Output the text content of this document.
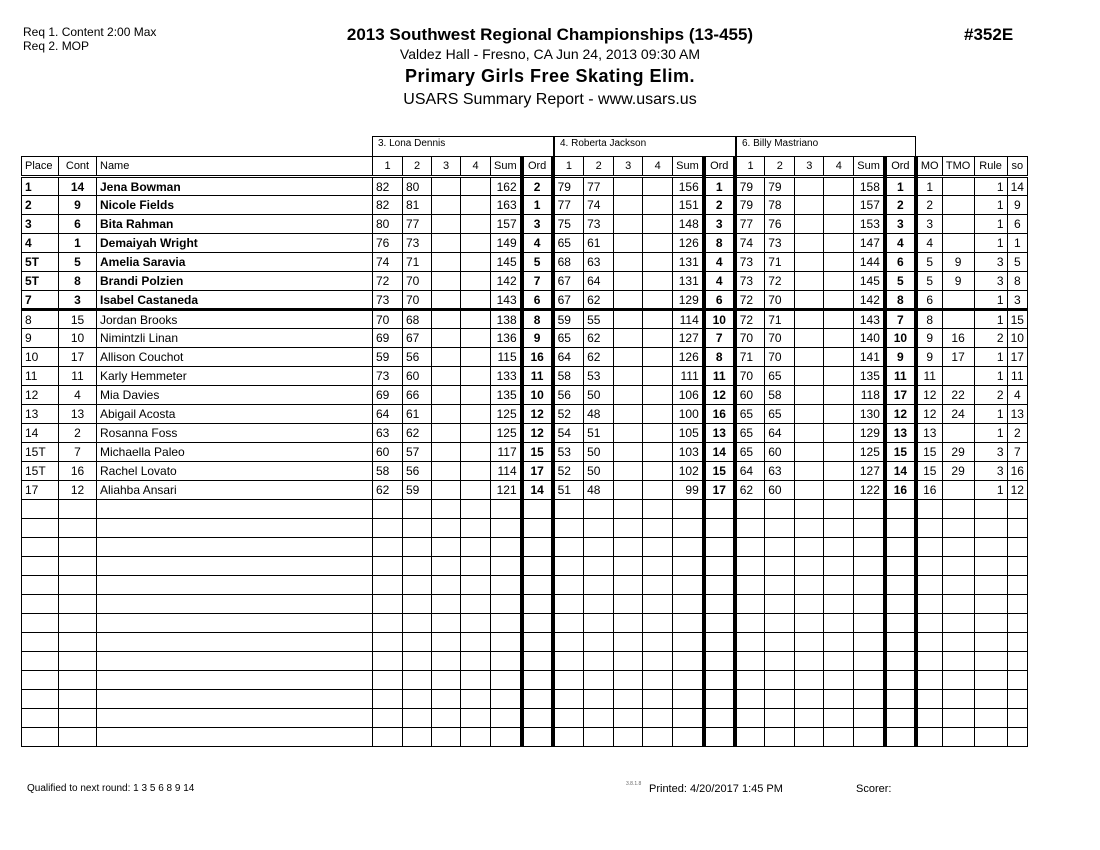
Req 1. Content 2:00 Max
Req 2. MOP
2013 Southwest Regional Championships (13-455)
Valdez Hall - Fresno, CA Jun 24, 2013 09:30 AM
Primary Girls Free Skating Elim.
USARS Summary Report - www.usars.us
#352E
3. Lona Dennis	4. Roberta Jackson	6. Billy Mastriano
Place	Cont	Name	1	2	3	4	Sum	Ord	1	2	3	4	Sum	Ord	1	2	3	4	Sum	Ord	MO	TMO	Rule	so
1	14	Jena Bowman	82	80			162	2	79	77			156	1	79	79			158	1	1		1	14
2	9	Nicole Fields	82	81			163	1	77	74			151	2	79	78			157	2	2		1	9
3	6	Bita Rahman	80	77			157	3	75	73			148	3	77	76			153	3	3		1	6
4	1	Demaiyah Wright	76	73			149	4	65	61			126	8	74	73			147	4	4		1	1
5T	5	Amelia Saravia	74	71			145	5	68	63			131	4	73	71			144	6	5	9	3	5
5T	8	Brandi Polzien	72	70			142	7	67	64			131	4	73	72			145	5	5	9	3	8
7	3	Isabel Castaneda	73	70			143	6	67	62			129	6	72	70			142	8	6		1	3
8	15	Jordan Brooks	70	68			138	8	59	55			114	10	72	71			143	7	8		1	15
9	10	Nimintzli Linan	69	67			136	9	65	62			127	7	70	70			140	10	9	16	2	10
10	17	Allison Couchot	59	56			115	16	64	62			126	8	71	70			141	9	9	17	1	17
11	11	Karly Hemmeter	73	60			133	11	58	53			111	11	70	65			135	11	11		1	11
12	4	Mia Davies	69	66			135	10	56	50			106	12	60	58			118	17	12	22	2	4
13	13	Abigail Acosta	64	61			125	12	52	48			100	16	65	65			130	12	12	24	1	13
14	2	Rosanna Foss	63	62			125	12	54	51			105	13	65	64			129	13	13		1	2
15T	7	Michaella Paleo	60	57			117	15	53	50			103	14	65	60			125	15	15	29	3	7
15T	16	Rachel Lovato	58	56			114	17	52	50			102	15	64	63			127	14	15	29	3	16
17	12	Aliahba Ansari	62	59			121	14	51	48			99	17	62	60			122	16	16		1	12

Qualified to next round: 1 3 5 6 8 9 14	3.8.1.8 Printed: 4/20/2017 1:45 PM	Scorer:
